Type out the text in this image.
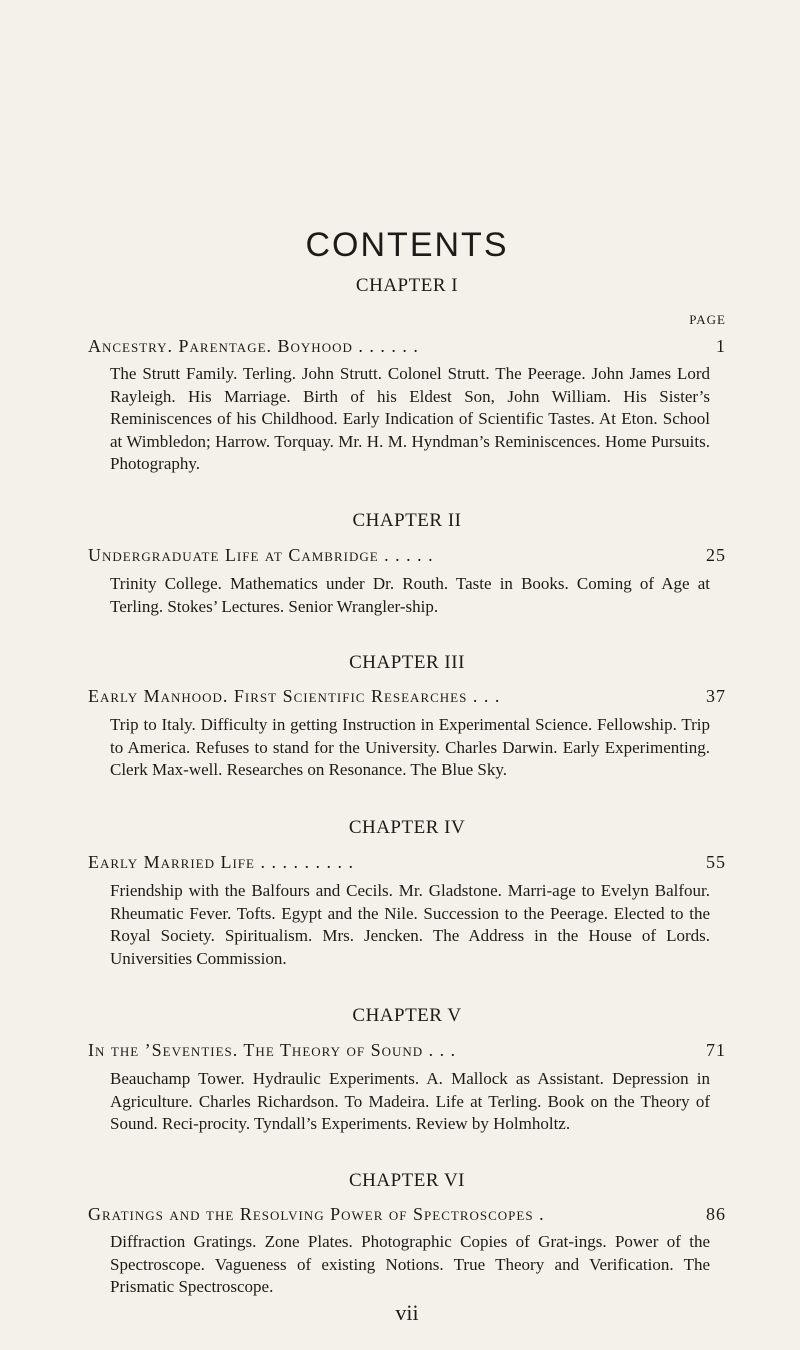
CONTENTS

CHAPTER I

PAGE

Ancestry. Parentage. Boyhood . . . . . .	1

The Strutt Family. Terling. John Strutt. Colonel Strutt. The Peerage. John James Lord Rayleigh. His Marriage. Birth of his Eldest Son, John William. His Sister’s Reminiscences of his Childhood. Early Indication of Scientific Tastes. At Eton. School at Wimbledon; Harrow. Torquay. Mr. H. M. Hyndman’s Reminiscences. Home Pursuits. Photography.

CHAPTER II

Undergraduate Life at Cambridge . . . . .	25

Trinity College. Mathematics under Dr. Routh. Taste in Books. Coming of Age at Terling. Stokes’ Lectures. Senior Wrangler-ship.

CHAPTER III

Early Manhood. First Scientific Researches . . .	37

Trip to Italy. Difficulty in getting Instruction in Experimental Science. Fellowship. Trip to America. Refuses to stand for the University. Charles Darwin. Early Experimenting. Clerk Max-well. Researches on Resonance. The Blue Sky.

CHAPTER IV

Early Married Life . . . . . . . . .	55

Friendship with the Balfours and Cecils. Mr. Gladstone. Marri-age to Evelyn Balfour. Rheumatic Fever. Tofts. Egypt and the Nile. Succession to the Peerage. Elected to the Royal Society. Spiritualism. Mrs. Jencken. The Address in the House of Lords. Universities Commission.

CHAPTER V

In the ’Seventies. The Theory of Sound . . .	71

Beauchamp Tower. Hydraulic Experiments. A. Mallock as Assistant. Depression in Agriculture. Charles Richardson. To Madeira. Life at Terling. Book on the Theory of Sound. Reci-procity. Tyndall’s Experiments. Review by Holmholtz.

CHAPTER VI

Gratings and the Resolving Power of Spectroscopes .	86

Diffraction Gratings. Zone Plates. Photographic Copies of Grat-ings. Power of the Spectroscope. Vagueness of existing Notions. True Theory and Verification. The Prismatic Spectroscope.

vii
